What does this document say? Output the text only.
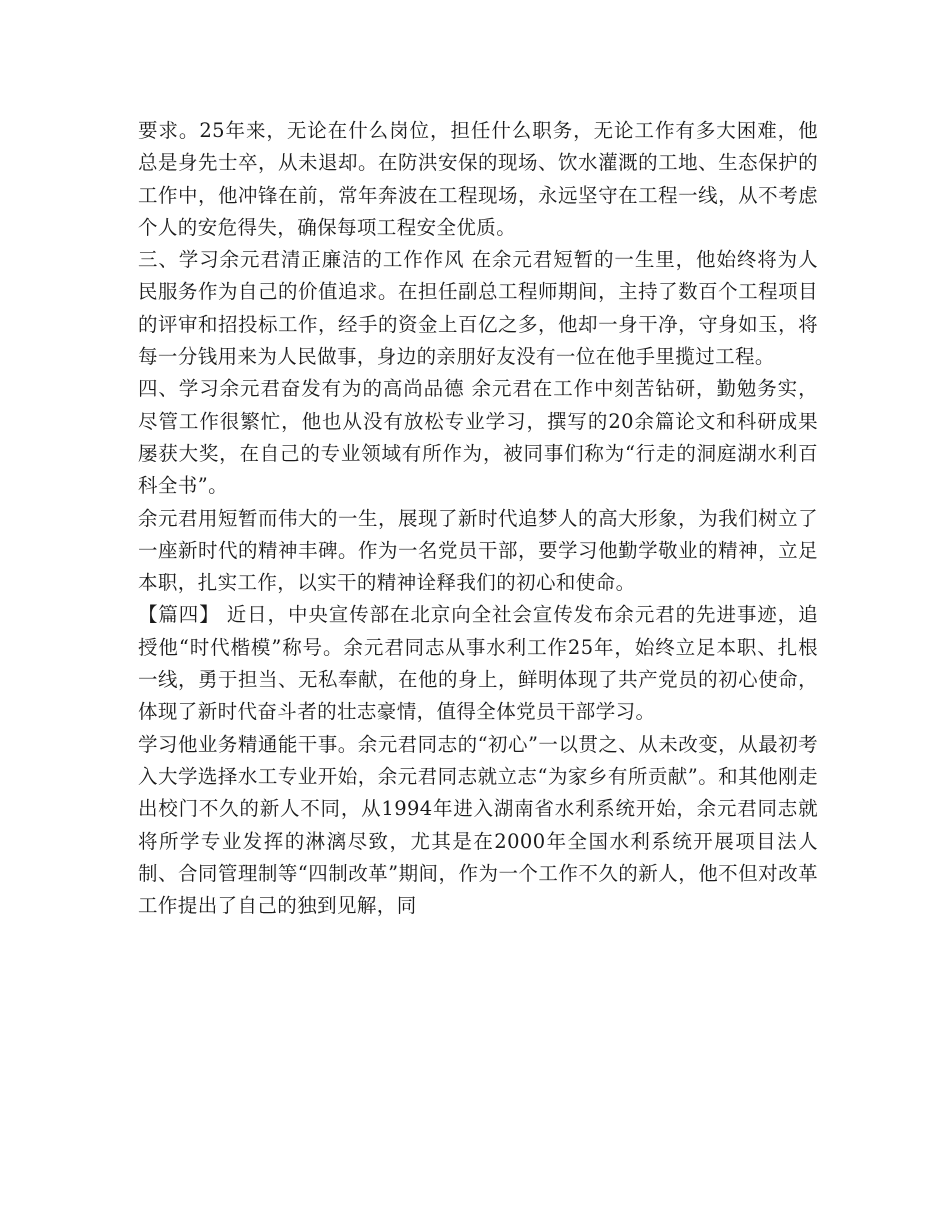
要求。25年来，无论在什么岗位，担任什么职务，无论工作有多大困难，他总是身先士卒，从未退却。在防洪安保的现场、饮水灌溉的工地、生态保护的工作中，他冲锋在前，常年奔波在工程现场，永远坚守在工程一线，从不考虑个人的安危得失，确保每项工程安全优质。

三、学习余元君清正廉洁的工作作风 在余元君短暂的一生里，他始终将为人民服务作为自己的价值追求。在担任副总工程师期间，主持了数百个工程项目的评审和招投标工作，经手的资金上百亿之多，他却一身干净，守身如玉，将每一分钱用来为人民做事，身边的亲朋好友没有一位在他手里揽过工程。

四、学习余元君奋发有为的高尚品德 余元君在工作中刻苦钻研，勤勉务实，尽管工作很繁忙，他也从没有放松专业学习，撰写的20余篇论文和科研成果屡获大奖，在自己的专业领域有所作为，被同事们称为“行走的洞庭湖水利百科全书”。

余元君用短暂而伟大的一生，展现了新时代追梦人的高大形象，为我们树立了一座新时代的精神丰碑。作为一名党员干部，要学习他勤学敬业的精神，立足本职，扎实工作，以实干的精神诠释我们的初心和使命。

【篇四】 近日，中央宣传部在北京向全社会宣传发布余元君的先进事迹，追授他“时代楷模”称号。余元君同志从事水利工作25年，始终立足本职、扎根一线，勇于担当、无私奉献，在他的身上，鲜明体现了共产党员的初心使命，体现了新时代奋斗者的壮志豪情，值得全体党员干部学习。

学习他业务精通能干事。余元君同志的“初心”一以贯之、从未改变，从最初考入大学选择水工专业开始，余元君同志就立志“为家乡有所贡献”。和其他刚走出校门不久的新人不同，从1994年进入湖南省水利系统开始，余元君同志就将所学专业发挥的淋漓尽致，尤其是在2000年全国水利系统开展项目法人制、合同管理制等“四制改革”期间，作为一个工作不久的新人，他不但对改革工作提出了自己的独到见解，同
